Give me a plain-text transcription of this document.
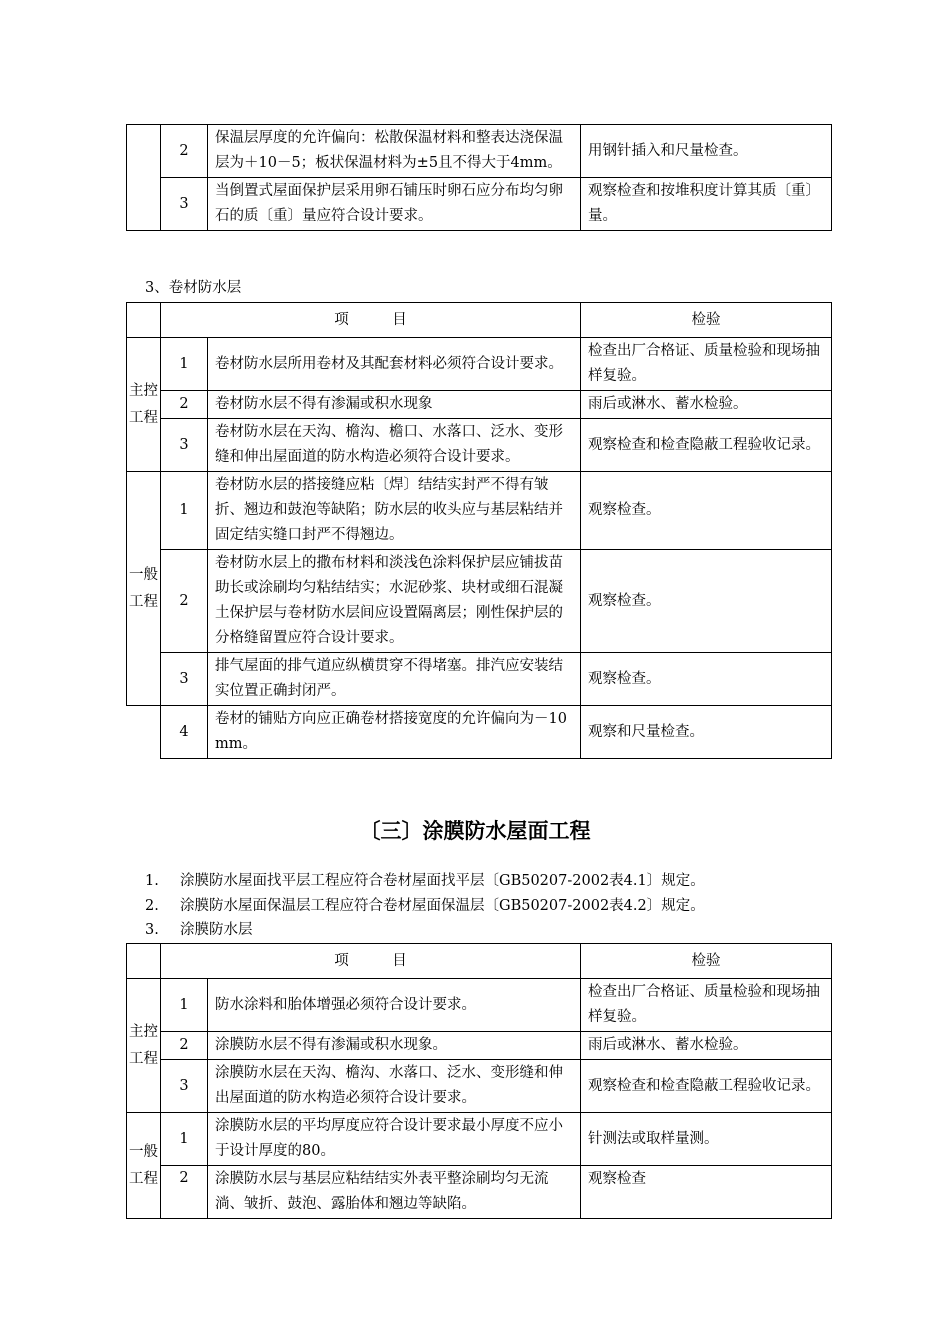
	2	保温层厚度的允许偏向：松散保温材料和整表达浇保温层为＋10－5；板状保温材料为±5且不得大于4mm。	用钢针插入和尺量检查。
	3	当倒置式屋面保护层采用卵石铺压时卵石应分布均匀卵石的质〔重〕量应符合设计要求。	观察检查和按堆积度计算其质〔重〕量。
3、卷材防水层
	项　　　目		检验
主控工程	1	卷材防水层所用卷材及其配套材料必须符合设计要求。	检查出厂合格证、质量检验和现场抽样复验。
	2	卷材防水层不得有渗漏或积水现象	雨后或淋水、蓄水检验。
	3	卷材防水层在天沟、檐沟、檐口、水落口、泛水、变形缝和伸出屋面道的防水构造必须符合设计要求。	观察检查和检查隐蔽工程验收记录。
一般工程	1	卷材防水层的搭接缝应粘〔焊〕结结实封严不得有皱折、翘边和鼓泡等缺陷；防水层的收头应与基层粘结并固定结实缝口封严不得翘边。	观察检查。
	2	卷材防水层上的撒布材料和淡浅色涂料保护层应铺拔苗助长或涂刷均匀粘结结实；水泥砂浆、块材或细石混凝土保护层与卷材防水层间应设置隔离层；刚性保护层的分格缝留置应符合设计要求。	观察检查。
	3	排气屋面的排气道应纵横贯穿不得堵塞。排汽应安装结实位置正确封闭严。	观察检查。
	4	卷材的铺贴方向应正确卷材搭接宽度的允许偏向为－10mm。	观察和尺量检查。
〔三〕涂膜防水屋面工程
1. 涂膜防水屋面找平层工程应符合卷材屋面找平层〔GB50207-2002表4.1〕规定。
2. 涂膜防水屋面保温层工程应符合卷材屋面保温层〔GB50207-2002表4.2〕规定。
3. 涂膜防水层
	项　　　目		检验
主控工程	1	防水涂料和胎体增强必须符合设计要求。	检查出厂合格证、质量检验和现场抽样复验。
	2	涂膜防水层不得有渗漏或积水现象。	雨后或淋水、蓄水检验。
	3	涂膜防水层在天沟、檐沟、水落口、泛水、变形缝和伸出屋面道的防水构造必须符合设计要求。	观察检查和检查隐蔽工程验收记录。
一般工程	1	涂膜防水层的平均厚度应符合设计要求最小厚度不应小于设计厚度的80。	针测法或取样量测。
	2	涂膜防水层与基层应粘结结实外表平整涂刷均匀无流淌、皱折、鼓泡、露胎体和翘边等缺陷。	观察检查
